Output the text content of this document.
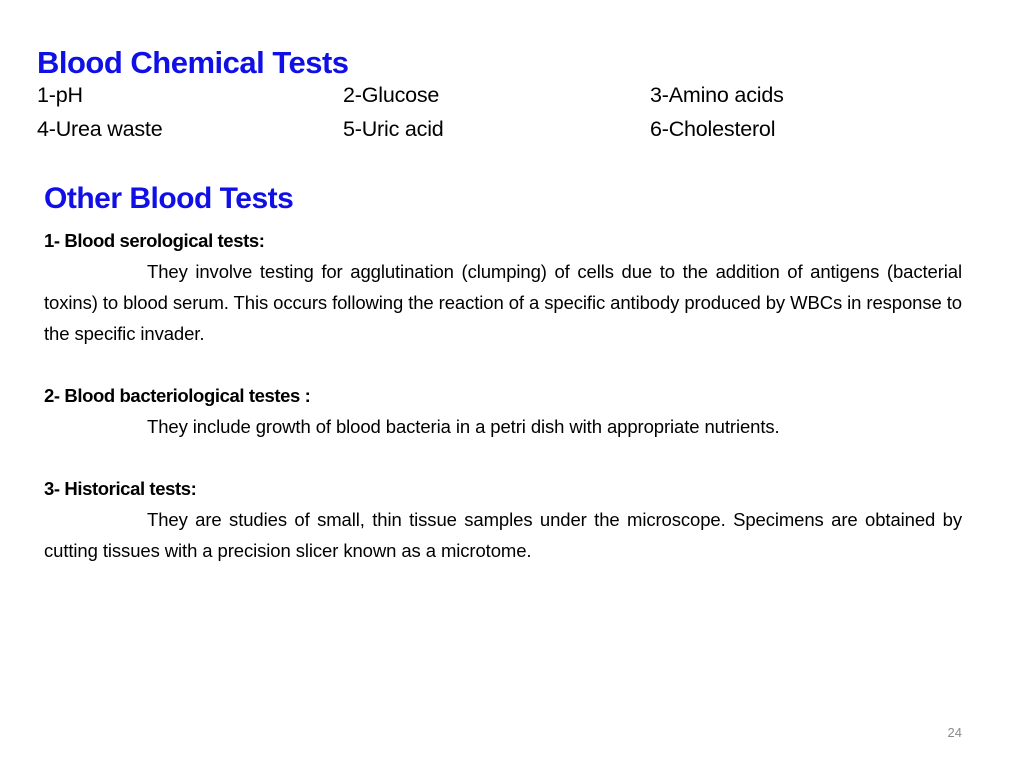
Blood Chemical Tests
1-pH	2-Glucose	3-Amino acids
4-Urea waste	5-Uric acid	6-Cholesterol
Other Blood Tests
1- Blood serological tests:

They involve testing for agglutination (clumping) of cells due to the addition of antigens (bacterial toxins) to blood serum. This occurs following the reaction of a specific antibody produced by WBCs in response to the specific invader.

2- Blood bacteriological testes :

They include growth of blood bacteria in a petri dish with appropriate nutrients.

3- Historical tests:

They are studies of small, thin tissue samples under the microscope. Specimens are obtained by cutting tissues with a precision slicer known as a microtome.

24
